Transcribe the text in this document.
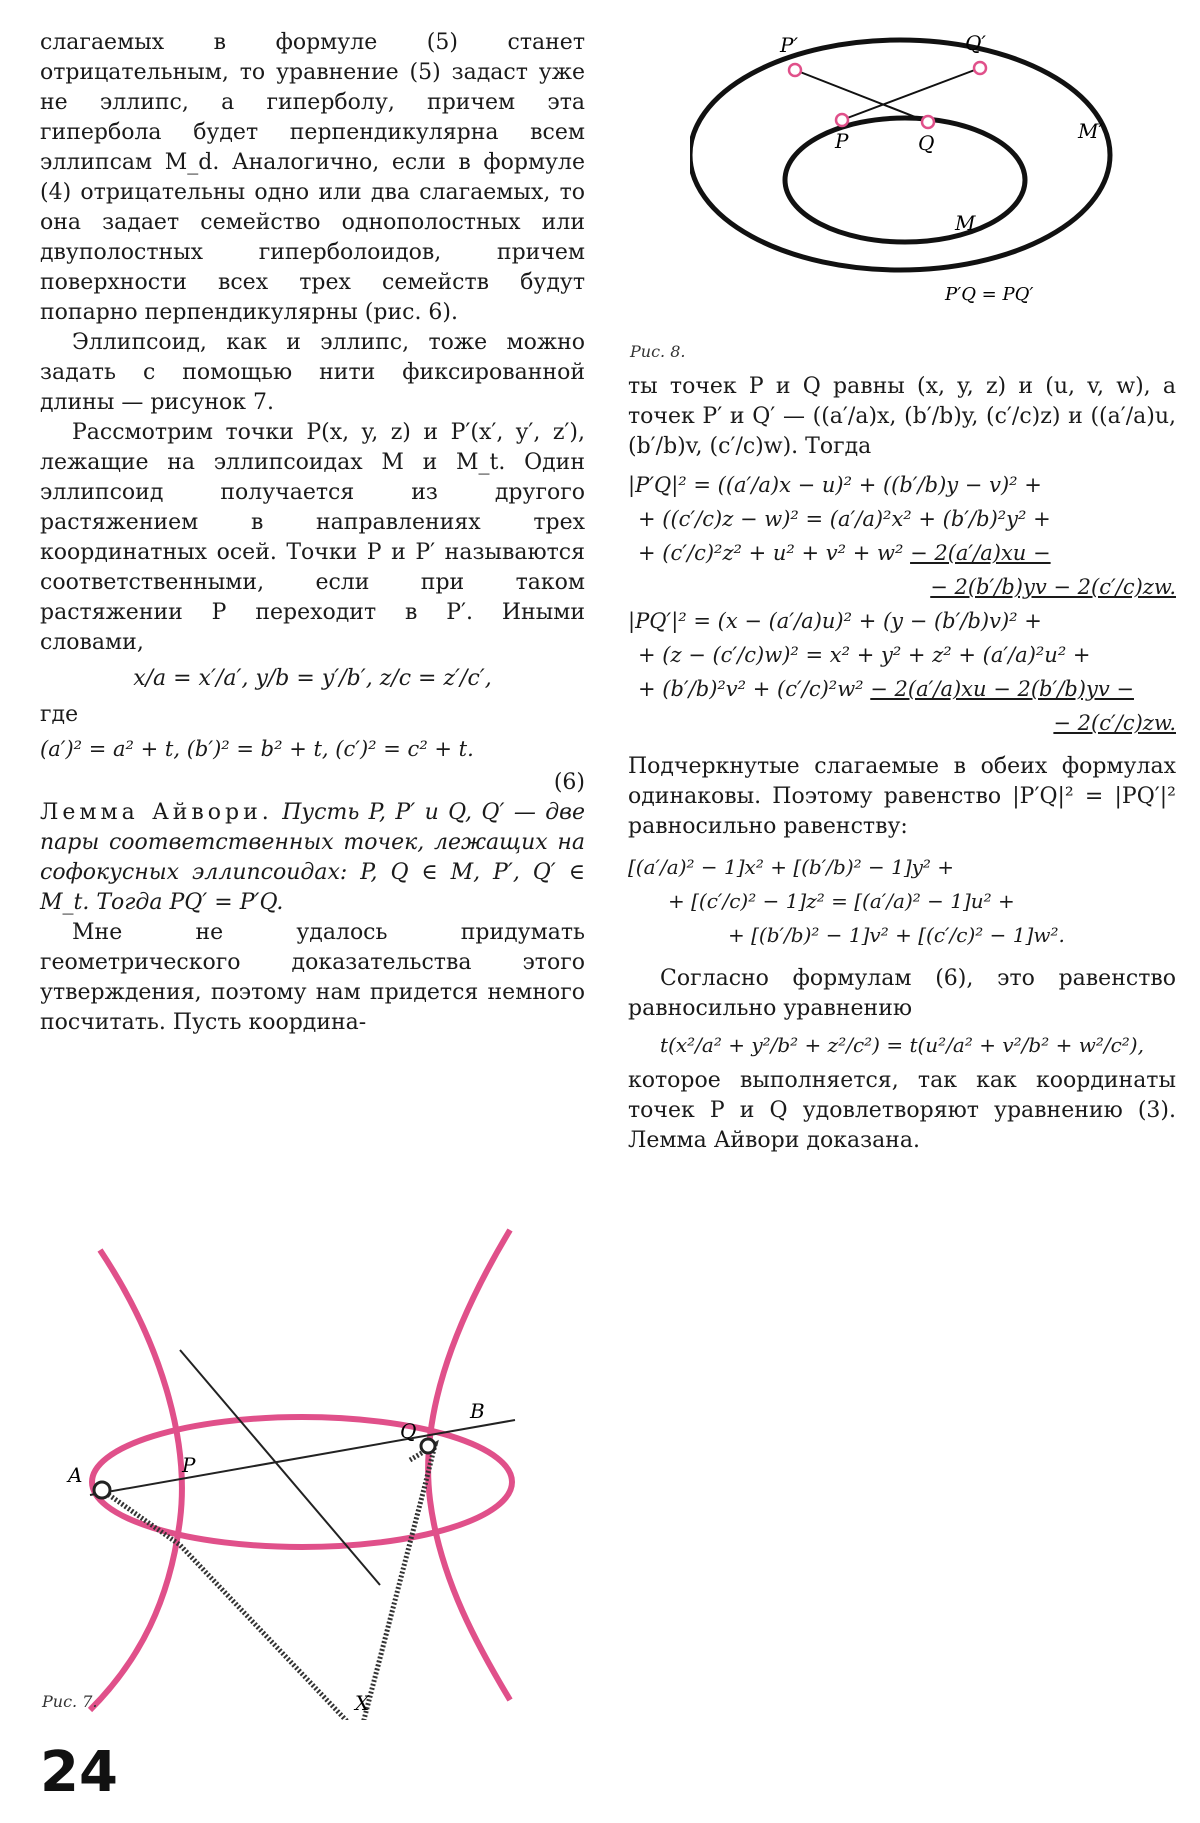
слагаемых в формуле (5) станет отрицательным, то уравнение (5) задаст уже не эллипс, а гиперболу, причем эта гипербола будет перпендикулярна всем эллипсам M_d. Аналогично, если в формуле (4) отрицательны одно или два слагаемых, то она задает семейство однополостных или двуполостных гиперболоидов, причем поверхности всех трех семейств будут попарно перпендикулярны (рис. 6).

Эллипсоид, как и эллипс, тоже можно задать с помощью нити фиксированной длины — рисунок 7.

Рассмотрим точки P(x, y, z) и P′(x′, y′, z′), лежащие на эллипсоидах M и M_t. Один эллипсоид получается из другого растяжением в направлениях трех координатных осей. Точки P и P′ называются соответственными, если при таком растяжении P переходит в P′. Иными словами,

x/a = x′/a′, y/b = y′/b′, z/c = z′/c′,

где

(a′)² = a² + t, (b′)² = b² + t, (c′)² = c² + t.
(6)

Лемма Айвори. Пусть P, P′ и Q, Q′ — две пары соответственных точек, лежащих на софокусных эллипсоидах: P, Q ∈ M, P′, Q′ ∈ M_t. Тогда PQ′ = P′Q.

Мне не удалось придумать геометрического доказательства этого утверждения, поэтому нам придется немного посчитать. Пусть координа-

A	P
Q
B
X
Рис. 7.
P′	Q′
P	Q	M′
M
P′Q = PQ′
Рис. 8.

ты точек P и Q равны (x, y, z) и (u, v, w), а точек P′ и Q′ — ((a′/a)x, (b′/b)y, (c′/c)z) и ((a′/a)u, (b′/b)v, (c′/c)w). Тогда

|P′Q|² = ((a′/a)x − u)² + ((b′/b)y − v)² +
+ ((c′/c)z − w)² = (a′/a)²x² + (b′/b)²y² +
+ (c′/c)²z² + u² + v² + w² − 2(a′/a)xu −
− 2(b′/b)yv − 2(c′/c)zw.
|PQ′|² = (x − (a′/a)u)² + (y − (b′/b)v)² +
+ (z − (c′/c)w)² = x² + y² + z² + (a′/a)²u² +
+ (b′/b)²v² + (c′/c)²w² − 2(a′/a)xu − 2(b′/b)yv −
− 2(c′/c)zw.

Подчеркнутые слагаемые в обеих формулах одинаковы. Поэтому равенство |P′Q|² = |PQ′|² равносильно равенству:

[(a′/a)² − 1]x² + [(b′/b)² − 1]y² +
+ [(c′/c)² − 1]z² = [(a′/a)² − 1]u² +
+ [(b′/b)² − 1]v² + [(c′/c)² − 1]w².

Согласно формулам (6), это равенство равносильно уравнению

t(x²/a² + y²/b² + z²/c²) = t(u²/a² + v²/b² + w²/c²),

которое выполняется, так как координаты точек P и Q удовлетворяют уравнению (3). Лемма Айвори доказана.

24
